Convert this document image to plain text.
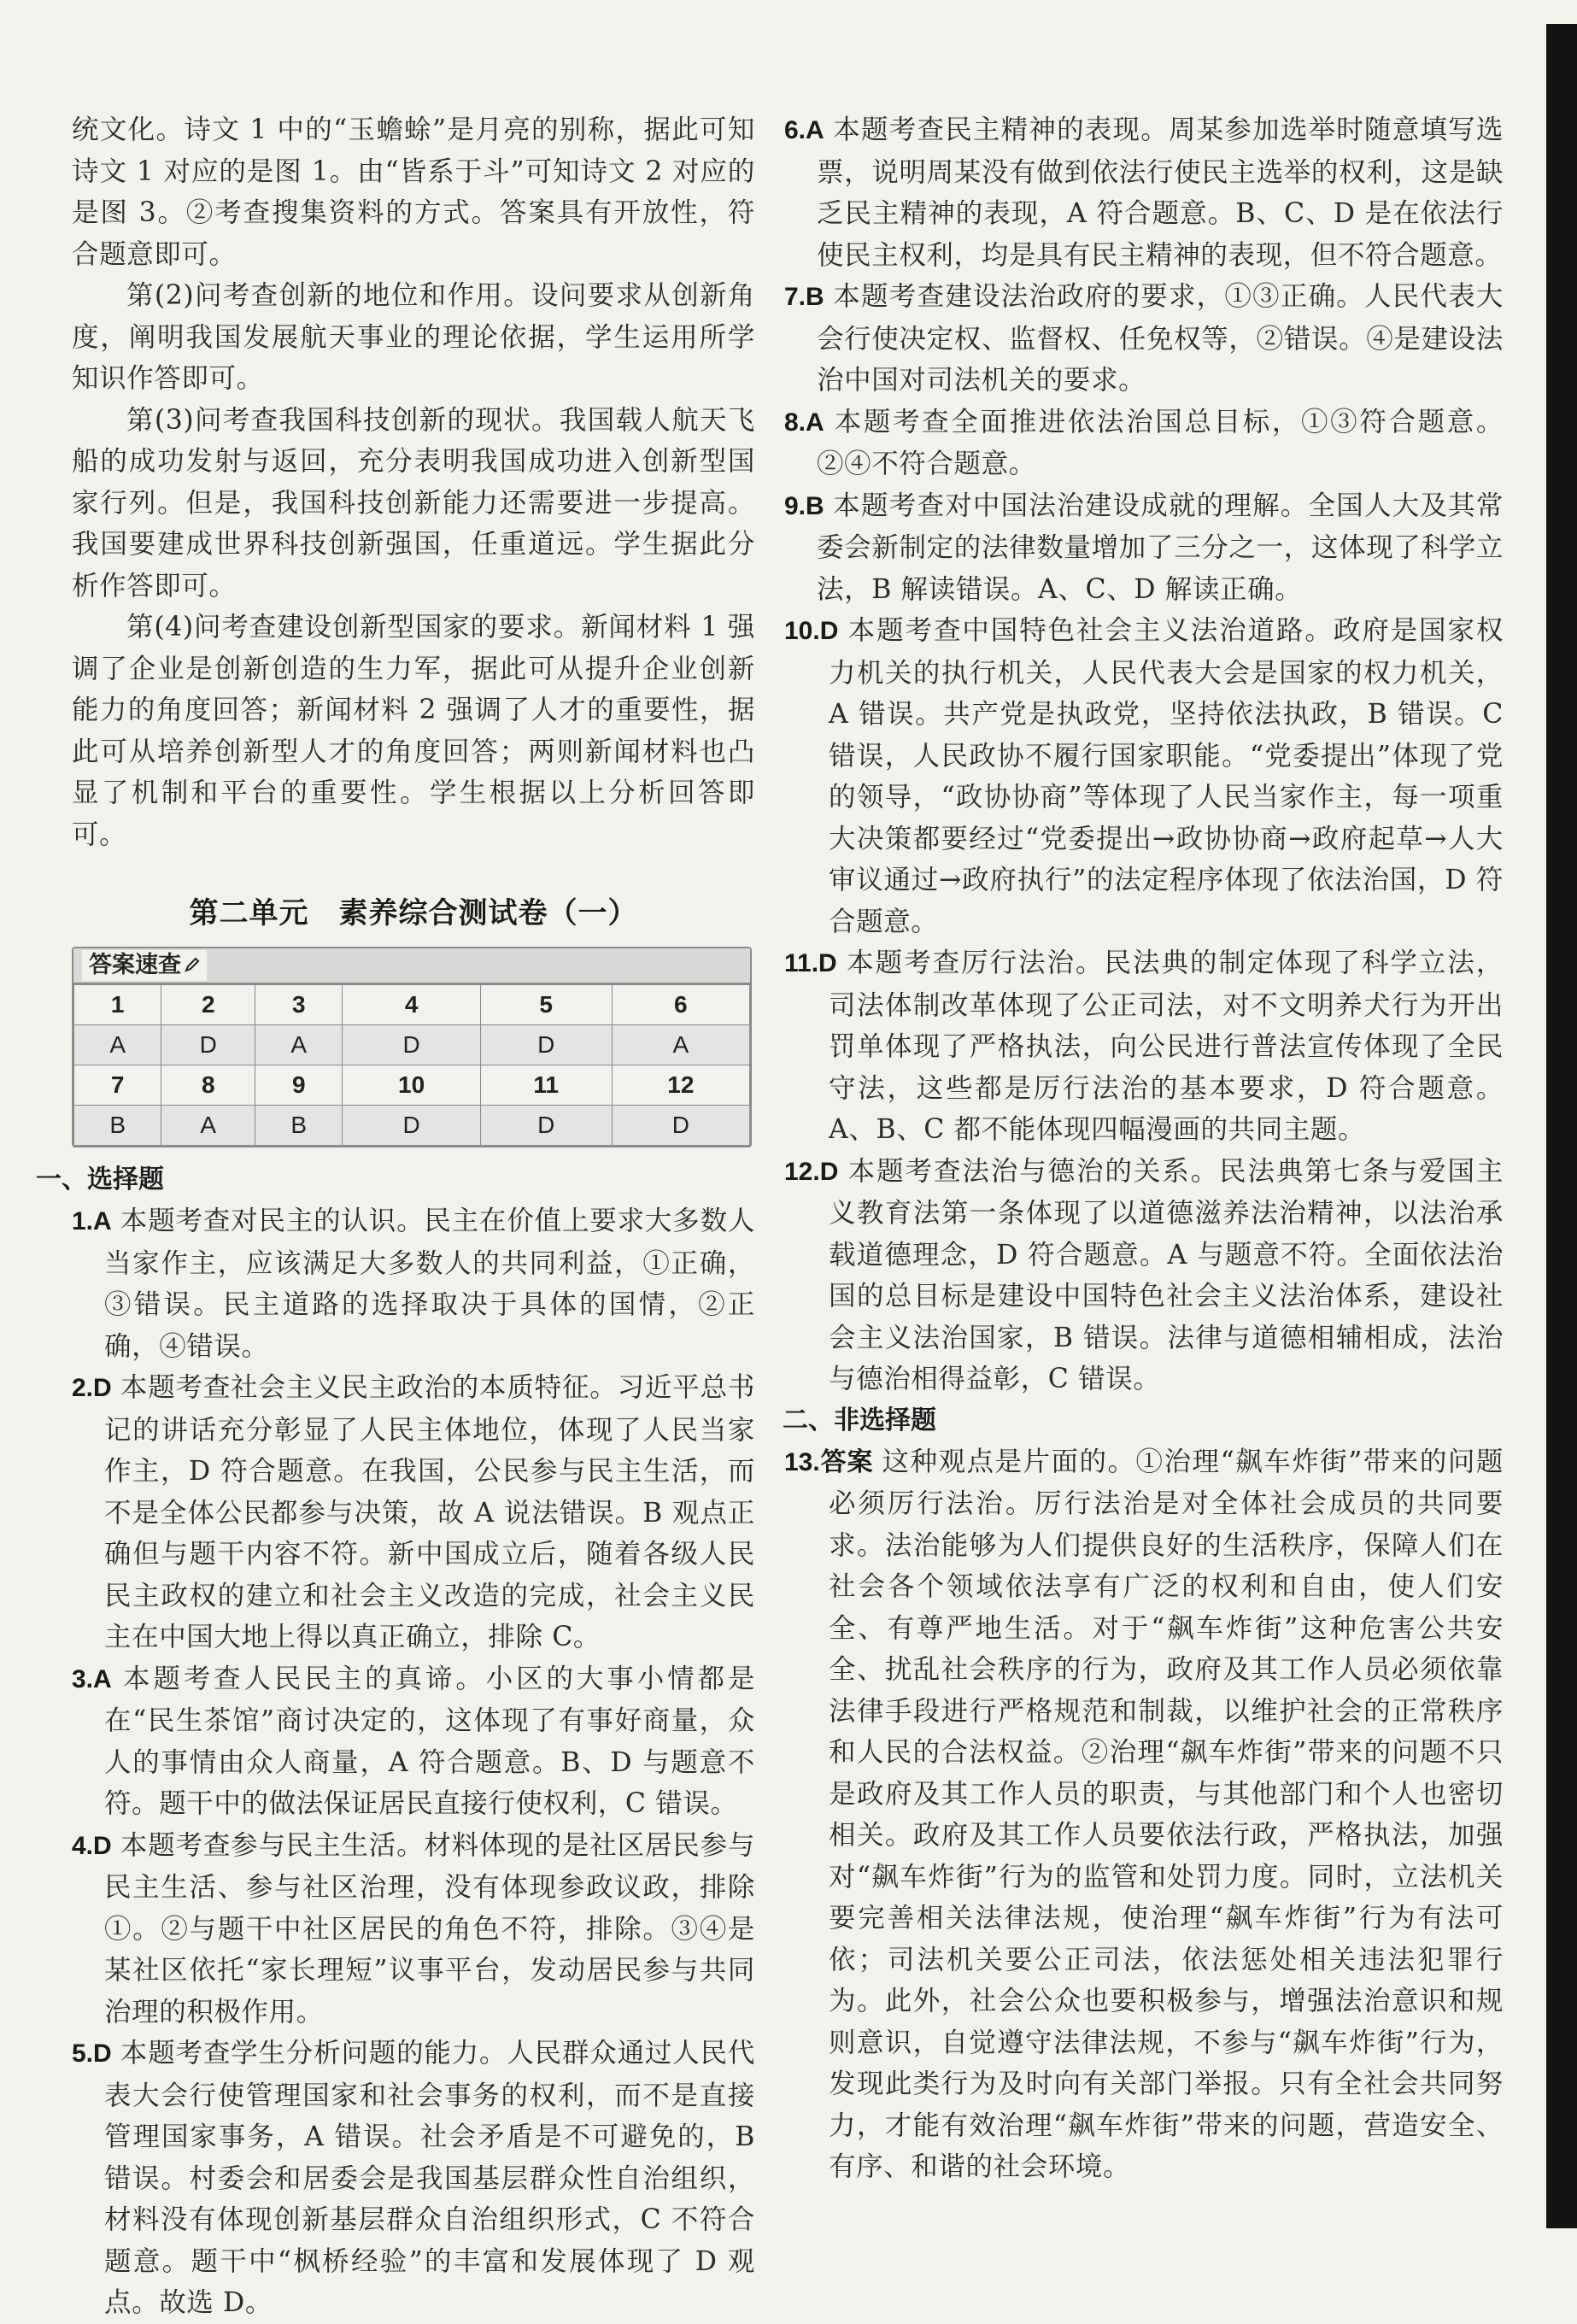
统文化。诗文 1 中的“玉蟾蜍”是月亮的别称，据此可知诗文 1 对应的是图 1。由“皆系于斗”可知诗文 2 对应的是图 3。②考查搜集资料的方式。答案具有开放性，符合题意即可。

第(2)问考查创新的地位和作用。设问要求从创新角度，阐明我国发展航天事业的理论依据，学生运用所学知识作答即可。

第(3)问考查我国科技创新的现状。我国载人航天飞船的成功发射与返回，充分表明我国成功进入创新型国家行列。但是，我国科技创新能力还需要进一步提高。我国要建成世界科技创新强国，任重道远。学生据此分析作答即可。

第(4)问考查建设创新型国家的要求。新闻材料 1 强调了企业是创新创造的生力军，据此可从提升企业创新能力的角度回答；新闻材料 2 强调了人才的重要性，据此可从培养创新型人才的角度回答；两则新闻材料也凸显了机制和平台的重要性。学生根据以上分析回答即可。

第二单元　素养综合测试卷（一）
答案速查
1	2	3	4	5	6
A	D	A	D	D	A
7	8	9	10	11	12
B	A	B	D	D	D
一、选择题

1.A 本题考查对民主的认识。民主在价值上要求大多数人当家作主，应该满足大多数人的共同利益，①正确，③错误。民主道路的选择取决于具体的国情，②正确，④错误。

2.D 本题考查社会主义民主政治的本质特征。习近平总书记的讲话充分彰显了人民主体地位，体现了人民当家作主，D 符合题意。在我国，公民参与民主生活，而不是全体公民都参与决策，故 A 说法错误。B 观点正确但与题干内容不符。新中国成立后，随着各级人民民主政权的建立和社会主义改造的完成，社会主义民主在中国大地上得以真正确立，排除 C。

3.A 本题考查人民民主的真谛。小区的大事小情都是在“民生茶馆”商讨决定的，这体现了有事好商量，众人的事情由众人商量，A 符合题意。B、D 与题意不符。题干中的做法保证居民直接行使权利，C 错误。

4.D 本题考查参与民主生活。材料体现的是社区居民参与民主生活、参与社区治理，没有体现参政议政，排除①。②与题干中社区居民的角色不符，排除。③④是某社区依托“家长理短”议事平台，发动居民参与共同治理的积极作用。

5.D 本题考查学生分析问题的能力。人民群众通过人民代表大会行使管理国家和社会事务的权利，而不是直接管理国家事务，A 错误。社会矛盾是不可避免的，B 错误。村委会和居委会是我国基层群众性自治组织，材料没有体现创新基层群众自治组织形式，C 不符合题意。题干中“枫桥经验”的丰富和发展体现了 D 观点。故选 D。

6.A 本题考查民主精神的表现。周某参加选举时随意填写选票，说明周某没有做到依法行使民主选举的权利，这是缺乏民主精神的表现，A 符合题意。B、C、D 是在依法行使民主权利，均是具有民主精神的表现，但不符合题意。

7.B 本题考查建设法治政府的要求，①③正确。人民代表大会行使决定权、监督权、任免权等，②错误。④是建设法治中国对司法机关的要求。

8.A 本题考查全面推进依法治国总目标，①③符合题意。②④不符合题意。

9.B 本题考查对中国法治建设成就的理解。全国人大及其常委会新制定的法律数量增加了三分之一，这体现了科学立法，B 解读错误。A、C、D 解读正确。

10.D 本题考查中国特色社会主义法治道路。政府是国家权力机关的执行机关，人民代表大会是国家的权力机关，A 错误。共产党是执政党，坚持依法执政，B 错误。C 错误，人民政协不履行国家职能。“党委提出”体现了党的领导，“政协协商”等体现了人民当家作主，每一项重大决策都要经过“党委提出→政协协商→政府起草→人大审议通过→政府执行”的法定程序体现了依法治国，D 符合题意。

11.D 本题考查厉行法治。民法典的制定体现了科学立法，司法体制改革体现了公正司法，对不文明养犬行为开出罚单体现了严格执法，向公民进行普法宣传体现了全民守法，这些都是厉行法治的基本要求，D 符合题意。A、B、C 都不能体现四幅漫画的共同主题。

12.D 本题考查法治与德治的关系。民法典第七条与爱国主义教育法第一条体现了以道德滋养法治精神，以法治承载道德理念，D 符合题意。A 与题意不符。全面依法治国的总目标是建设中国特色社会主义法治体系，建设社会主义法治国家，B 错误。法律与道德相辅相成，法治与德治相得益彰，C 错误。

二、非选择题

13.答案 这种观点是片面的。①治理“飙车炸街”带来的问题必须厉行法治。厉行法治是对全体社会成员的共同要求。法治能够为人们提供良好的生活秩序，保障人们在社会各个领域依法享有广泛的权利和自由，使人们安全、有尊严地生活。对于“飙车炸街”这种危害公共安全、扰乱社会秩序的行为，政府及其工作人员必须依靠法律手段进行严格规范和制裁，以维护社会的正常秩序和人民的合法权益。②治理“飙车炸街”带来的问题不只是政府及其工作人员的职责，与其他部门和个人也密切相关。政府及其工作人员要依法行政，严格执法，加强对“飙车炸街”行为的监管和处罚力度。同时，立法机关要完善相关法律法规，使治理“飙车炸街”行为有法可依；司法机关要公正司法，依法惩处相关违法犯罪行为。此外，社会公众也要积极参与，增强法治意识和规则意识，自觉遵守法律法规，不参与“飙车炸街”行为，发现此类行为及时向有关部门举报。只有全社会共同努力，才能有效治理“飙车炸街”带来的问题，营造安全、有序、和谐的社会环境。
